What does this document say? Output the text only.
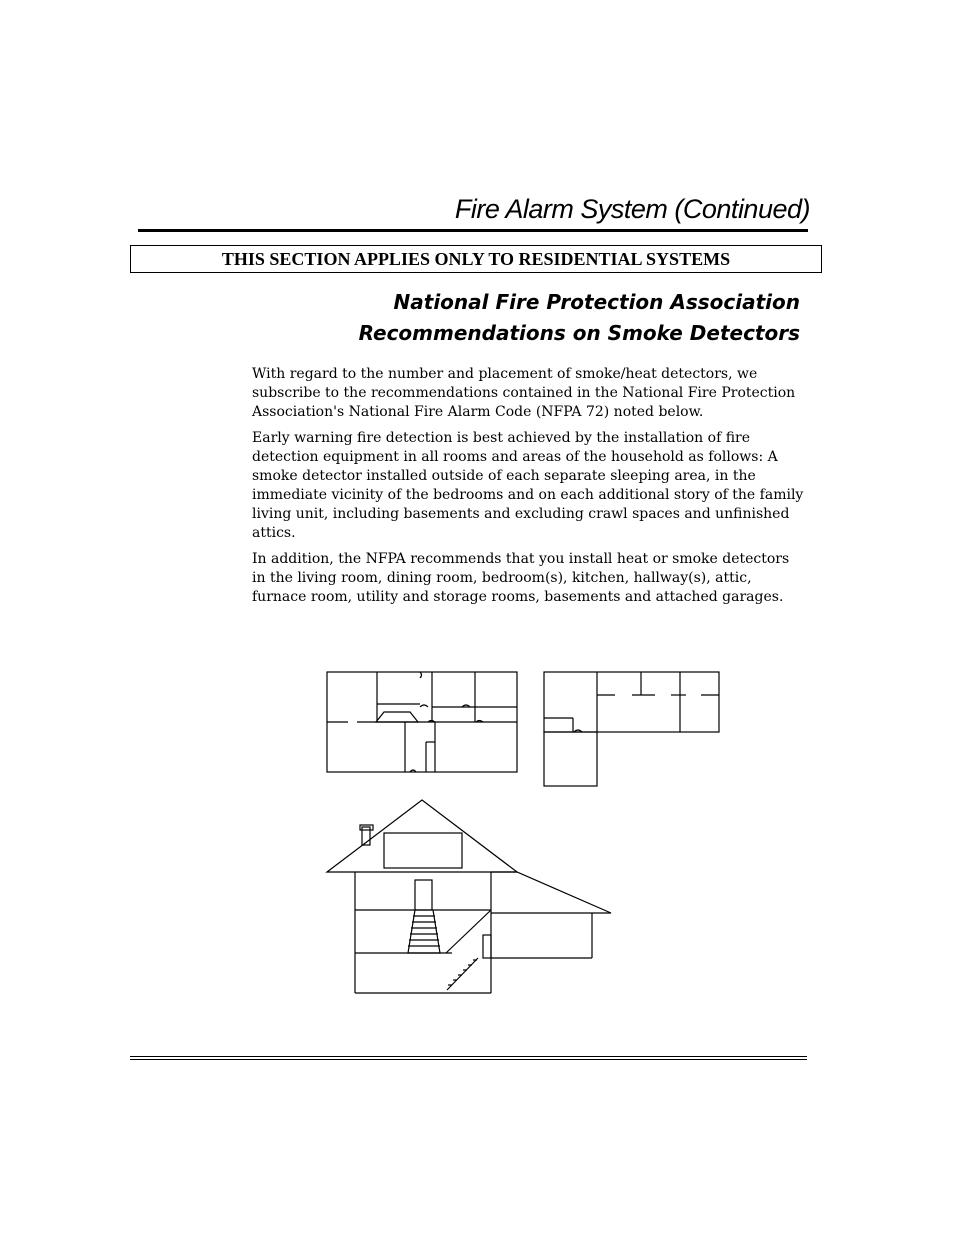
Fire Alarm System (Continued)
THIS SECTION APPLIES ONLY TO RESIDENTIAL SYSTEMS
National Fire Protection Association
Recommendations on Smoke Detectors

With regard to the number and placement of smoke/heat detectors, we subscribe to the recommendations contained in the National Fire Protection Association's National Fire Alarm Code (NFPA 72) noted below.

Early warning fire detection is best achieved by the installation of fire detection equipment in all rooms and areas of the household as follows: A smoke detector installed outside of each separate sleeping area, in the immediate vicinity of the bedrooms and on each additional story of the family living unit, including basements and excluding crawl spaces and unfinished attics.

In addition, the NFPA recommends that you install heat or smoke detectors in the living room, dining room, bedroom(s), kitchen, hallway(s), attic, furnace room, utility and storage rooms, basements and attached garages.
